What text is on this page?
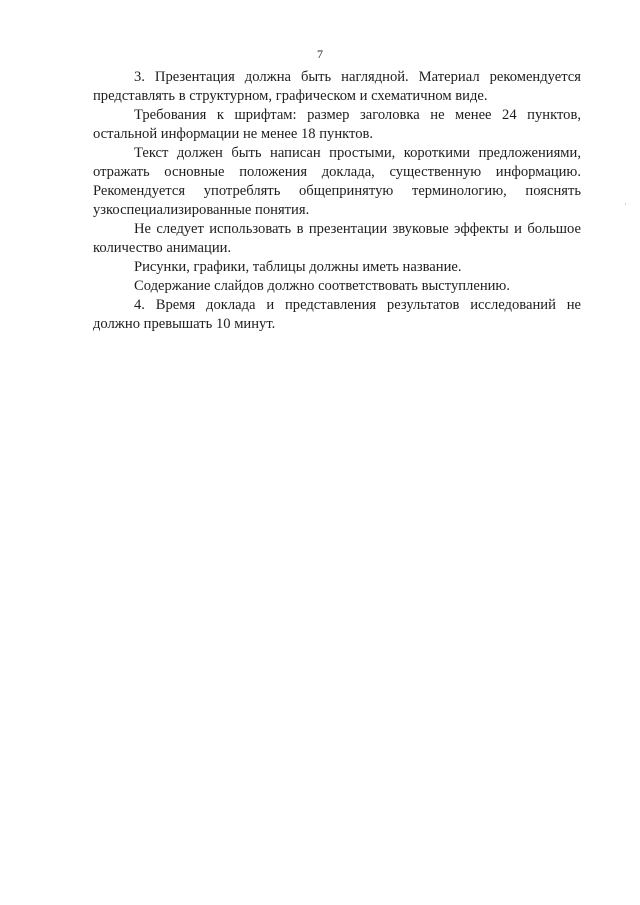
7

3. Презентация должна быть наглядной. Материал рекомендуется представлять в структурном, графическом и схематичном виде.

Требования к шрифтам: размер заголовка не менее 24 пунктов, остальной информации не менее 18 пунктов.

Текст должен быть написан простыми, короткими предложениями, отражать основные положения доклада, существенную информацию. Рекомендуется употреблять общепринятую терминологию, пояснять узкоспециализированные понятия.

Не следует использовать в презентации звуковые эффекты и большое количество анимации.

Рисунки, графики, таблицы должны иметь название.

Содержание слайдов должно соответствовать выступлению.

4. Время доклада и представления результатов исследований не должно превышать 10 минут.

·
